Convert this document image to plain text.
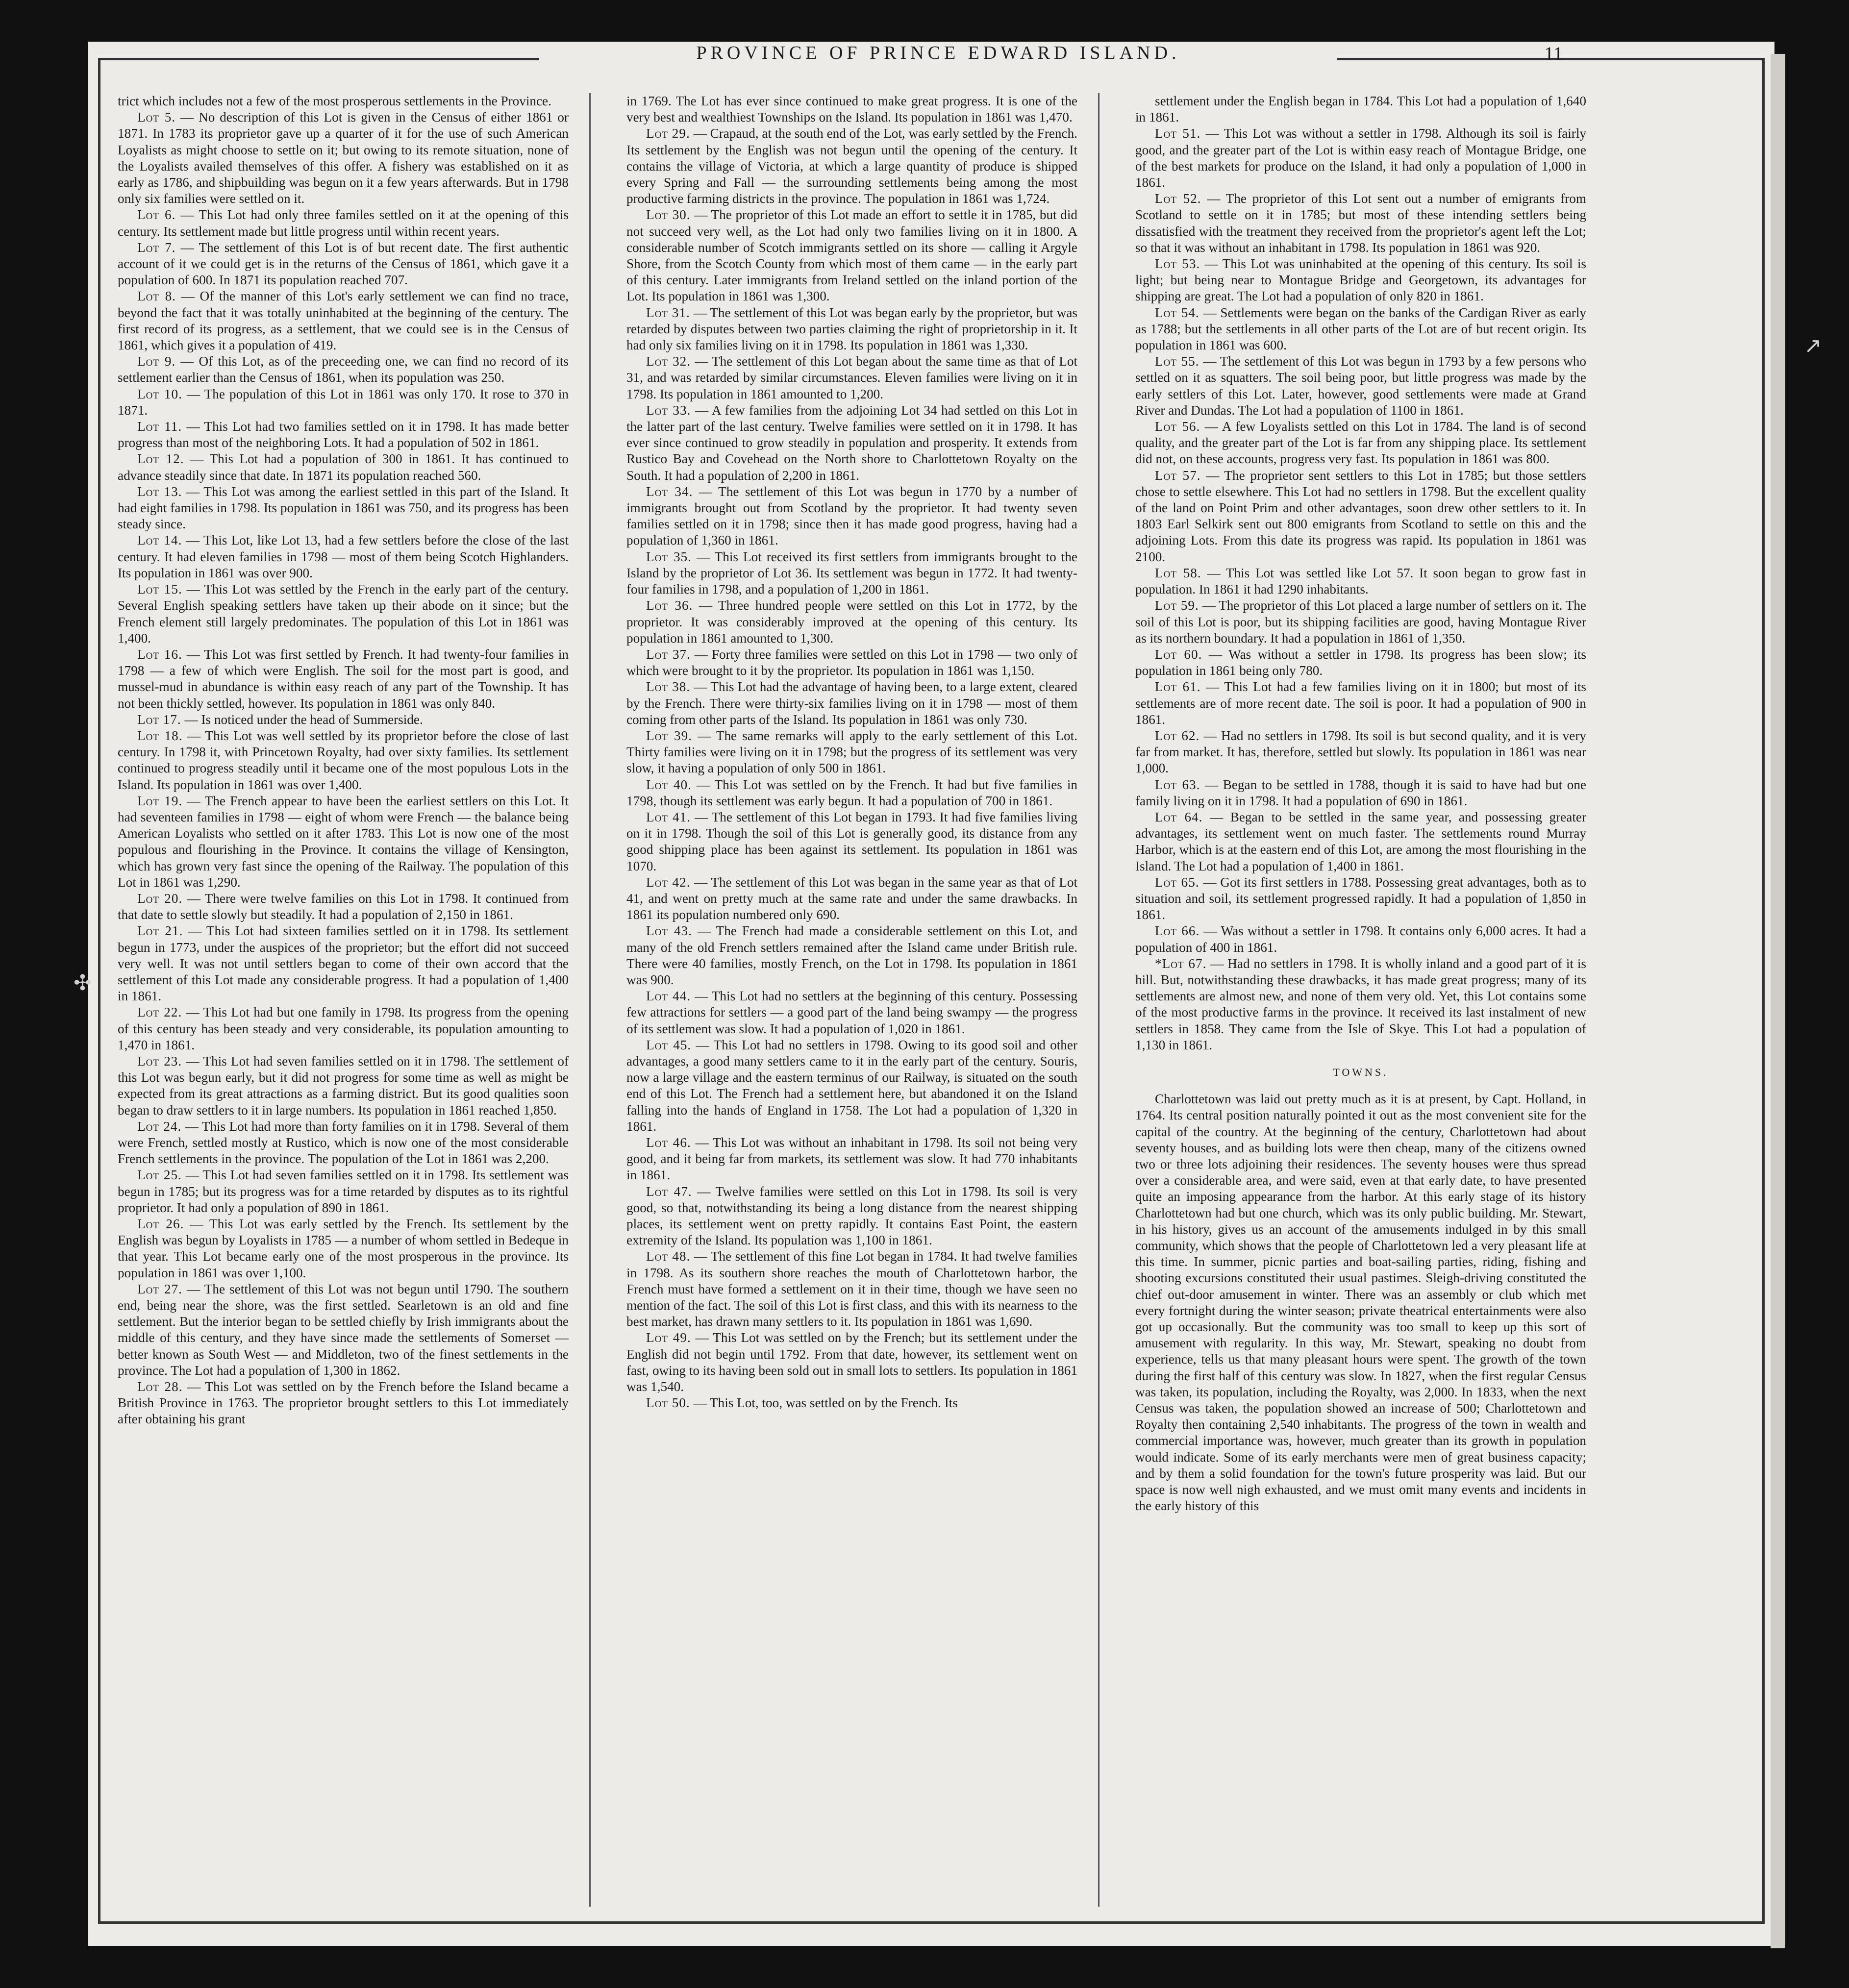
PROVINCE OF PRINCE EDWARD ISLAND.	11
✣
↗

trict which includes not a few of the most prosperous settlements in the Province.

Lot 5. — No description of this Lot is given in the Census of either 1861 or 1871. In 1783 its proprietor gave up a quarter of it for the use of such American Loyalists as might choose to settle on it; but owing to its remote situation, none of the Loyalists availed themselves of this offer. A fishery was established on it as early as 1786, and shipbuilding was begun on it a few years afterwards. But in 1798 only six families were settled on it.

Lot 6. — This Lot had only three familes settled on it at the opening of this century. Its settlement made but little progress until within recent years.

Lot 7. — The settlement of this Lot is of but recent date. The first authentic account of it we could get is in the returns of the Census of 1861, which gave it a population of 600. In 1871 its population reached 707.

Lot 8. — Of the manner of this Lot's early settlement we can find no trace, beyond the fact that it was totally uninhabited at the beginning of the century. The first record of its progress, as a settlement, that we could see is in the Census of 1861, which gives it a population of 419.

Lot 9. — Of this Lot, as of the preceeding one, we can find no record of its settlement earlier than the Census of 1861, when its population was 250.

Lot 10. — The population of this Lot in 1861 was only 170. It rose to 370 in 1871.

Lot 11. — This Lot had two families settled on it in 1798. It has made better progress than most of the neighboring Lots. It had a population of 502 in 1861.

Lot 12. — This Lot had a population of 300 in 1861. It has continued to advance steadily since that date. In 1871 its population reached 560.

Lot 13. — This Lot was among the earliest settled in this part of the Island. It had eight families in 1798. Its population in 1861 was 750, and its progress has been steady since.

Lot 14. — This Lot, like Lot 13, had a few settlers before the close of the last century. It had eleven families in 1798 — most of them being Scotch Highlanders. Its population in 1861 was over 900.

Lot 15. — This Lot was settled by the French in the early part of the century. Several English speaking settlers have taken up their abode on it since; but the French element still largely predominates. The population of this Lot in 1861 was 1,400.

Lot 16. — This Lot was first settled by French. It had twenty-four families in 1798 — a few of which were English. The soil for the most part is good, and mussel-mud in abundance is within easy reach of any part of the Township. It has not been thickly settled, however. Its population in 1861 was only 840.

Lot 17. — Is noticed under the head of Summerside.

Lot 18. — This Lot was well settled by its proprietor before the close of last century. In 1798 it, with Princetown Royalty, had over sixty families. Its settlement continued to progress steadily until it became one of the most populous Lots in the Island. Its population in 1861 was over 1,400.

Lot 19. — The French appear to have been the earliest settlers on this Lot. It had seventeen families in 1798 — eight of whom were French — the balance being American Loyalists who settled on it after 1783. This Lot is now one of the most populous and flourishing in the Province. It contains the village of Kensington, which has grown very fast since the opening of the Railway. The population of this Lot in 1861 was 1,290.

Lot 20. — There were twelve families on this Lot in 1798. It continued from that date to settle slowly but steadily. It had a population of 2,150 in 1861.

Lot 21. — This Lot had sixteen families settled on it in 1798. Its settlement begun in 1773, under the auspices of the proprietor; but the effort did not succeed very well. It was not until settlers began to come of their own accord that the settlement of this Lot made any considerable progress. It had a population of 1,400 in 1861.

Lot 22. — This Lot had but one family in 1798. Its progress from the opening of this century has been steady and very considerable, its population amounting to 1,470 in 1861.

Lot 23. — This Lot had seven families settled on it in 1798. The settlement of this Lot was begun early, but it did not progress for some time as well as might be expected from its great attractions as a farming district. But its good qualities soon began to draw settlers to it in large numbers. Its population in 1861 reached 1,850.

Lot 24. — This Lot had more than forty families on it in 1798. Several of them were French, settled mostly at Rustico, which is now one of the most considerable French settlements in the province. The population of the Lot in 1861 was 2,200.

Lot 25. — This Lot had seven families settled on it in 1798. Its settlement was begun in 1785; but its progress was for a time retarded by disputes as to its rightful proprietor. It had only a population of 890 in 1861.

Lot 26. — This Lot was early settled by the French. Its settlement by the English was begun by Loyalists in 1785 — a number of whom settled in Bedeque in that year. This Lot became early one of the most prosperous in the province. Its population in 1861 was over 1,100.

Lot 27. — The settlement of this Lot was not begun until 1790. The southern end, being near the shore, was the first settled. Searletown is an old and fine settlement. But the interior began to be settled chiefly by Irish immigrants about the middle of this century, and they have since made the settlements of Somerset — better known as South West — and Middleton, two of the finest settlements in the province. The Lot had a population of 1,300 in 1862.

Lot 28. — This Lot was settled on by the French before the Island became a British Province in 1763. The proprietor brought settlers to this Lot immediately after obtaining his grant

in 1769. The Lot has ever since continued to make great progress. It is one of the very best and wealthiest Townships on the Island. Its population in 1861 was 1,470.

Lot 29. — Crapaud, at the south end of the Lot, was early settled by the French. Its settlement by the English was not begun until the opening of the century. It contains the village of Victoria, at which a large quantity of produce is shipped every Spring and Fall — the surrounding settlements being among the most productive farming districts in the province. The population in 1861 was 1,724.

Lot 30. — The proprietor of this Lot made an effort to settle it in 1785, but did not succeed very well, as the Lot had only two families living on it in 1800. A considerable number of Scotch immigrants settled on its shore — calling it Argyle Shore, from the Scotch County from which most of them came — in the early part of this century. Later immigrants from Ireland settled on the inland portion of the Lot. Its population in 1861 was 1,300.

Lot 31. — The settlement of this Lot was began early by the proprietor, but was retarded by disputes between two parties claiming the right of proprietorship in it. It had only six families living on it in 1798. Its population in 1861 was 1,330.

Lot 32. — The settlement of this Lot began about the same time as that of Lot 31, and was retarded by similar circumstances. Eleven families were living on it in 1798. Its population in 1861 amounted to 1,200.

Lot 33. — A few families from the adjoining Lot 34 had settled on this Lot in the latter part of the last century. Twelve families were settled on it in 1798. It has ever since continued to grow steadily in population and prosperity. It extends from Rustico Bay and Covehead on the North shore to Charlottetown Royalty on the South. It had a population of 2,200 in 1861.

Lot 34. — The settlement of this Lot was begun in 1770 by a number of immigrants brought out from Scotland by the proprietor. It had twenty seven families settled on it in 1798; since then it has made good progress, having had a population of 1,360 in 1861.

Lot 35. — This Lot received its first settlers from immigrants brought to the Island by the proprietor of Lot 36. Its settlement was begun in 1772. It had twenty-four families in 1798, and a population of 1,200 in 1861.

Lot 36. — Three hundred people were settled on this Lot in 1772, by the proprietor. It was considerably improved at the opening of this century. Its population in 1861 amounted to 1,300.

Lot 37. — Forty three families were settled on this Lot in 1798 — two only of which were brought to it by the proprietor. Its population in 1861 was 1,150.

Lot 38. — This Lot had the advantage of having been, to a large extent, cleared by the French. There were thirty-six families living on it in 1798 — most of them coming from other parts of the Island. Its population in 1861 was only 730.

Lot 39. — The same remarks will apply to the early settlement of this Lot. Thirty families were living on it in 1798; but the progress of its settlement was very slow, it having a population of only 500 in 1861.

Lot 40. — This Lot was settled on by the French. It had but five families in 1798, though its settlement was early begun. It had a population of 700 in 1861.

Lot 41. — The settlement of this Lot began in 1793. It had five families living on it in 1798. Though the soil of this Lot is generally good, its distance from any good shipping place has been against its settlement. Its population in 1861 was 1070.

Lot 42. — The settlement of this Lot was began in the same year as that of Lot 41, and went on pretty much at the same rate and under the same drawbacks. In 1861 its population numbered only 690.

Lot 43. — The French had made a considerable settlement on this Lot, and many of the old French settlers remained after the Island came under British rule. There were 40 families, mostly French, on the Lot in 1798. Its population in 1861 was 900.

Lot 44. — This Lot had no settlers at the beginning of this century. Possessing few attractions for settlers — a good part of the land being swampy — the progress of its settlement was slow. It had a population of 1,020 in 1861.

Lot 45. — This Lot had no settlers in 1798. Owing to its good soil and other advantages, a good many settlers came to it in the early part of the century. Souris, now a large village and the eastern terminus of our Railway, is situated on the south end of this Lot. The French had a settlement here, but abandoned it on the Island falling into the hands of England in 1758. The Lot had a population of 1,320 in 1861.

Lot 46. — This Lot was without an inhabitant in 1798. Its soil not being very good, and it being far from markets, its settlement was slow. It had 770 inhabitants in 1861.

Lot 47. — Twelve families were settled on this Lot in 1798. Its soil is very good, so that, notwithstanding its being a long distance from the nearest shipping places, its settlement went on pretty rapidly. It contains East Point, the eastern extremity of the Island. Its population was 1,100 in 1861.

Lot 48. — The settlement of this fine Lot began in 1784. It had twelve families in 1798. As its southern shore reaches the mouth of Charlottetown harbor, the French must have formed a settlement on it in their time, though we have seen no mention of the fact. The soil of this Lot is first class, and this with its nearness to the best market, has drawn many settlers to it. Its population in 1861 was 1,690.

Lot 49. — This Lot was settled on by the French; but its settlement under the English did not begin until 1792. From that date, however, its settlement went on fast, owing to its having been sold out in small lots to settlers. Its population in 1861 was 1,540.

Lot 50. — This Lot, too, was settled on by the French. Its

settlement under the English began in 1784. This Lot had a population of 1,640 in 1861.

Lot 51. — This Lot was without a settler in 1798. Although its soil is fairly good, and the greater part of the Lot is within easy reach of Montague Bridge, one of the best markets for produce on the Island, it had only a population of 1,000 in 1861.

Lot 52. — The proprietor of this Lot sent out a number of emigrants from Scotland to settle on it in 1785; but most of these intending settlers being dissatisfied with the treatment they received from the proprietor's agent left the Lot; so that it was without an inhabitant in 1798. Its population in 1861 was 920.

Lot 53. — This Lot was uninhabited at the opening of this century. Its soil is light; but being near to Montague Bridge and Georgetown, its advantages for shipping are great. The Lot had a population of only 820 in 1861.

Lot 54. — Settlements were began on the banks of the Cardigan River as early as 1788; but the settlements in all other parts of the Lot are of but recent origin. Its population in 1861 was 600.

Lot 55. — The settlement of this Lot was begun in 1793 by a few persons who settled on it as squatters. The soil being poor, but little progress was made by the early settlers of this Lot. Later, however, good settlements were made at Grand River and Dundas. The Lot had a population of 1100 in 1861.

Lot 56. — A few Loyalists settled on this Lot in 1784. The land is of second quality, and the greater part of the Lot is far from any shipping place. Its settlement did not, on these accounts, progress very fast. Its population in 1861 was 800.

Lot 57. — The proprietor sent settlers to this Lot in 1785; but those settlers chose to settle elsewhere. This Lot had no settlers in 1798. But the excellent quality of the land on Point Prim and other advantages, soon drew other settlers to it. In 1803 Earl Selkirk sent out 800 emigrants from Scotland to settle on this and the adjoining Lots. From this date its progress was rapid. Its population in 1861 was 2100.

Lot 58. — This Lot was settled like Lot 57. It soon began to grow fast in population. In 1861 it had 1290 inhabitants.

Lot 59. — The proprietor of this Lot placed a large number of settlers on it. The soil of this Lot is poor, but its shipping facilities are good, having Montague River as its northern boundary. It had a population in 1861 of 1,350.

Lot 60. — Was without a settler in 1798. Its progress has been slow; its population in 1861 being only 780.

Lot 61. — This Lot had a few families living on it in 1800; but most of its settlements are of more recent date. The soil is poor. It had a population of 900 in 1861.

Lot 62. — Had no settlers in 1798. Its soil is but second quality, and it is very far from market. It has, therefore, settled but slowly. Its population in 1861 was near 1,000.

Lot 63. — Began to be settled in 1788, though it is said to have had but one family living on it in 1798. It had a population of 690 in 1861.

Lot 64. — Began to be settled in the same year, and possessing greater advantages, its settlement went on much faster. The settlements round Murray Harbor, which is at the eastern end of this Lot, are among the most flourishing in the Island. The Lot had a population of 1,400 in 1861.

Lot 65. — Got its first settlers in 1788. Possessing great advantages, both as to situation and soil, its settlement progressed rapidly. It had a population of 1,850 in 1861.

Lot 66. — Was without a settler in 1798. It contains only 6,000 acres. It had a population of 400 in 1861.

*Lot 67. — Had no settlers in 1798. It is wholly inland and a good part of it is hill. But, notwithstanding these drawbacks, it has made great progress; many of its settlements are almost new, and none of them very old. Yet, this Lot contains some of the most productive farms in the province. It received its last instalment of new settlers in 1858. They came from the Isle of Skye. This Lot had a population of 1,130 in 1861.

TOWNS.

Charlottetown was laid out pretty much as it is at present, by Capt. Holland, in 1764. Its central position naturally pointed it out as the most convenient site for the capital of the country. At the beginning of the century, Charlottetown had about seventy houses, and as building lots were then cheap, many of the citizens owned two or three lots adjoining their residences. The seventy houses were thus spread over a considerable area, and were said, even at that early date, to have presented quite an imposing appearance from the harbor. At this early stage of its history Charlottetown had but one church, which was its only public building. Mr. Stewart, in his history, gives us an account of the amusements indulged in by this small community, which shows that the people of Charlottetown led a very pleasant life at this time. In summer, picnic parties and boat-sailing parties, riding, fishing and shooting excursions constituted their usual pastimes. Sleigh-driving constituted the chief out-door amusement in winter. There was an assembly or club which met every fortnight during the winter season; private theatrical entertainments were also got up occasionally. But the community was too small to keep up this sort of amusement with regularity. In this way, Mr. Stewart, speaking no doubt from experience, tells us that many pleasant hours were spent. The growth of the town during the first half of this century was slow. In 1827, when the first regular Census was taken, its population, including the Royalty, was 2,000. In 1833, when the next Census was taken, the population showed an increase of 500; Charlottetown and Royalty then containing 2,540 inhabitants. The progress of the town in wealth and commercial importance was, however, much greater than its growth in population would indicate. Some of its early merchants were men of great business capacity; and by them a solid foundation for the town's future prosperity was laid. But our space is now well nigh exhausted, and we must omit many events and incidents in the early history of this
